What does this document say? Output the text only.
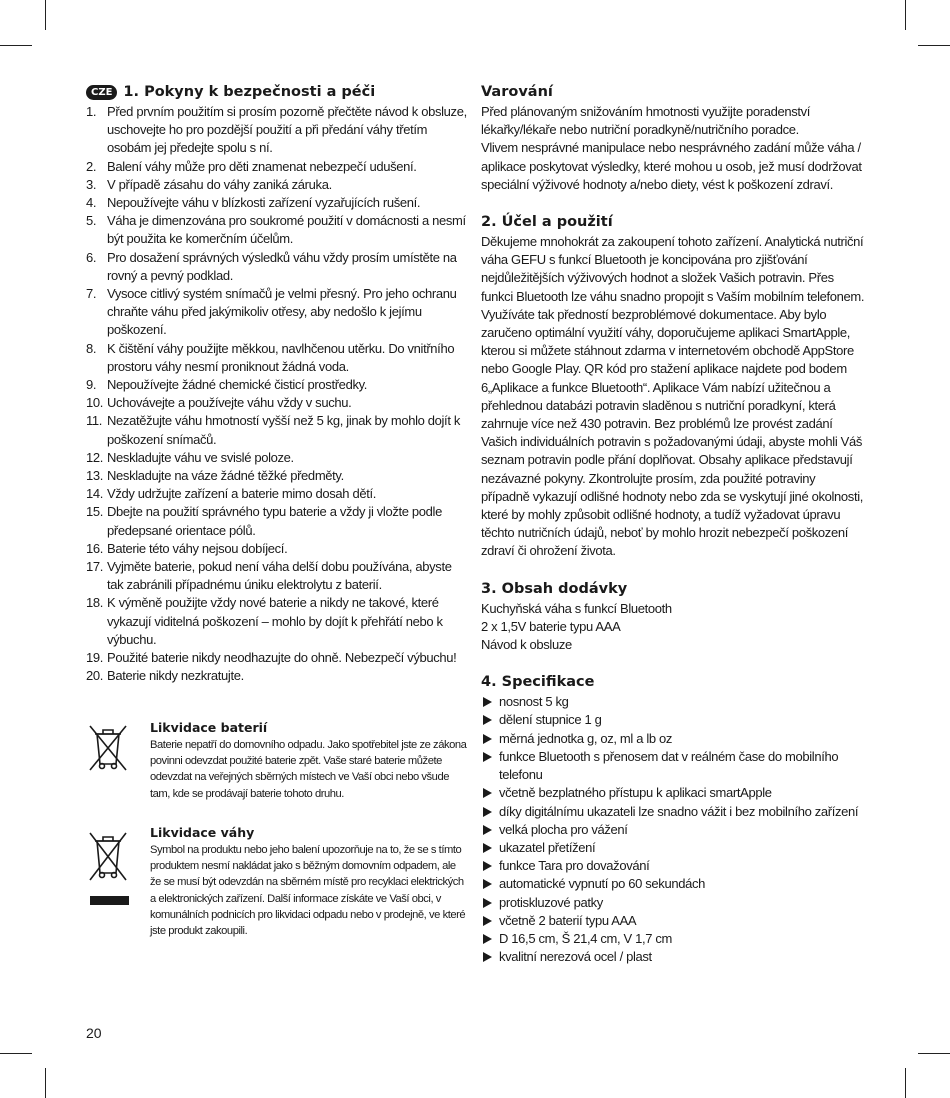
CZE 1. Pokyny k bezpečnosti a péči
1. Před prvním použitím si prosím pozorně přečtěte návod k obsluze, uschovejte ho pro pozdější použití a při předání váhy třetím osobám jej předejte spolu s ní.
2. Balení váhy může pro děti znamenat nebezpečí udušení.
3. V případě zásahu do váhy zaniká záruka.
4. Nepoužívejte váhu v blízkosti zařízení vyzařujících rušení.
5. Váha je dimenzována pro soukromé použití v domácnosti a nesmí být použita ke komerčním účelům.
6. Pro dosažení správných výsledků váhu vždy prosím umístěte na rovný a pevný podklad.
7. Vysoce citlivý systém snímačů je velmi přesný. Pro jeho ochranu chraňte váhu před jakýmikoliv otřesy, aby nedošlo k jejímu poškození.
8. K čištění váhy použijte měkkou, navlhčenou utěrku. Do vnitřního prostoru váhy nesmí proniknout žádná voda.
9. Nepoužívejte žádné chemické čisticí prostředky.
10. Uchovávejte a používejte váhu vždy v suchu.
11. Nezatěžujte váhu hmotností vyšší než 5 kg, jinak by mohlo dojít k poškození snímačů.
12. Neskladujte váhu ve svislé poloze.
13. Neskladujte na váze žádné těžké předměty.
14. Vždy udržujte zařízení a baterie mimo dosah dětí.
15. Dbejte na použití správného typu baterie a vždy ji vložte podle předepsané orientace pólů.
16. Baterie této váhy nejsou dobíjecí.
17. Vyjměte baterie, pokud není váha delší dobu používána, abyste tak zabránili případnému úniku elektrolytu z baterií.
18. K výměně použijte vždy nové baterie a nikdy ne takové, které vykazují viditelná poškození – mohlo by dojít k přehřátí nebo k výbuchu.
19. Použité baterie nikdy neodhazujte do ohně. Nebezpečí výbuchu!
20. Baterie nikdy nezkratujte.
Likvidace baterií

Baterie nepatří do domovního odpadu. Jako spotřebitel jste ze zákona povinni odevzdat použité baterie zpět. Vaše staré baterie můžete odevzdat na veřejných sběrných místech ve Vaší obci nebo všude tam, kde se prodávají baterie tohoto druhu.

Likvidace váhy

Symbol na produktu nebo jeho balení upozorňuje na to, že se s tímto produktem nesmí nakládat jako s běžným domovním odpadem, ale že se musí být odevzdán na sběrném místě pro recyklaci elektrických a elektronických zařízení. Další informace získáte ve Vaší obci, v komunálních podnicích pro likvidaci odpadu nebo v prodejně, ve které jste produkt zakoupili.

Varování

Před plánovaným snižováním hmotnosti využijte poradenství lékařky/lékaře nebo nutriční poradkyně/nutričního poradce.

Vlivem nesprávné manipulace nebo nesprávného zadání může váha / aplikace poskytovat výsledky, které mohou u osob, jež musí dodržovat speciální výživové hodnoty a/nebo diety, vést k poškození zdraví.

2. Účel a použití

Děkujeme mnohokrát za zakoupení tohoto zařízení. Analytická nutriční váha GEFU s funkcí Bluetooth je koncipována pro zjišťování nejdůležitějších výživových hodnot a složek Vašich potravin. Přes funkci Bluetooth lze váhu snadno propojit s Vaším mobilním telefonem. Využíváte tak předností bezproblémové dokumentace. Aby bylo zaručeno optimální využití váhy, doporučujeme aplikaci SmartApple, kterou si můžete stáhnout zdarma v internetovém obchodě AppStore nebo Google Play. QR kód pro stažení aplikace najdete pod bodem 6„Aplikace a funkce Bluetooth“. Aplikace Vám nabízí užitečnou a přehlednou databázi potravin sladěnou s nutriční poradkyní, která zahrnuje více než 430 potravin. Bez problémů lze provést zadání Vašich individuálních potravin s požadovanými údaji, abyste mohli Váš seznam potravin podle přání doplňovat. Obsahy aplikace představují nezávazné pokyny. Zkontrolujte prosím, zda použité potraviny případně vykazují odlišné hodnoty nebo zda se vyskytují jiné okolnosti, které by mohly způsobit odlišné hodnoty, a tudíž vyžadovat úpravu těchto nutričních údajů, neboť by mohlo hrozit nebezpečí poškození zdraví či ohrožení života.

3. Obsah dodávky
Kuchyňská váha s funkcí Bluetooth
2 x 1,5V baterie typu AAA
Návod k obsluze
4. Specifikace
nosnost 5 kg
dělení stupnice 1 g
měrná jednotka g, oz, ml a lb oz
funkce Bluetooth s přenosem dat v reálném čase do mobilního telefonu
včetně bezplatného přístupu k aplikaci smartApple
díky digitálnímu ukazateli lze snadno vážit i bez mobilního zařízení
velká plocha pro vážení
ukazatel přetížení
funkce Tara pro dovažování
automatické vypnutí po 60 sekundách
protiskluzové patky
včetně 2 baterií typu AAA
D 16,5 cm, Š 21,4 cm, V 1,7 cm
kvalitní nerezová ocel / plast
20
